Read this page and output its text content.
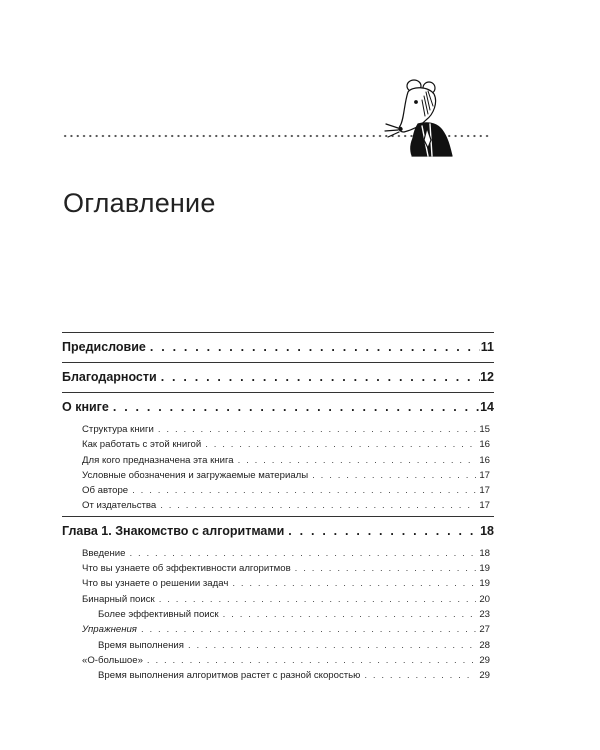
Оглавление
Предисловие . . .	11
Благодарности . . .	12
О книге . . .	14
Структура книги . . .	15
Как работать с этой книгой . . .	16
Для кого предназначена эта книга . . .	16
Условные обозначения и загружаемые материалы . . .	17
Об авторе . . .	17
От издательства . . .	17
Глава 1. Знакомство с алгоритмами . . .	18
Введение . . .	18
Что вы узнаете об эффективности алгоритмов . . .	19
Что вы узнаете о решении задач . . .	19
Бинарный поиск . . .	20
Более эффективный поиск . . .	23
Упражнения . . .	27
Время выполнения . . .	28
«О-большое» . . .	29
Время выполнения алгоритмов растет с разной скоростью . . .	29
